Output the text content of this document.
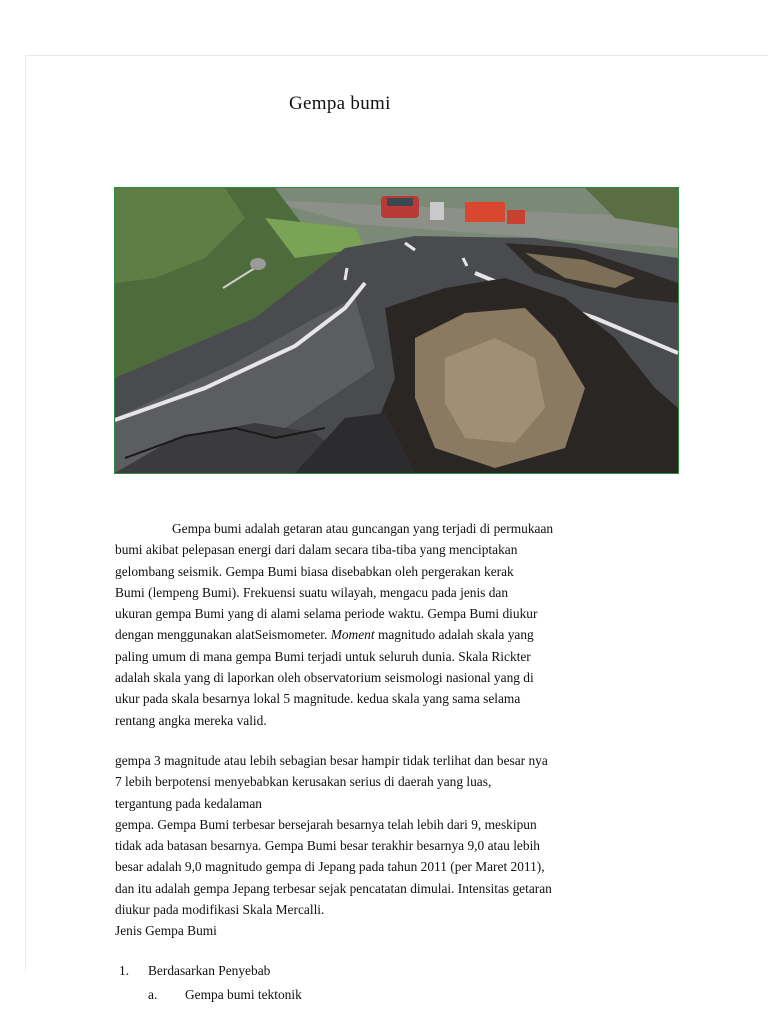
Gempa bumi
Gempa bumi adalah getaran atau guncangan yang terjadi di permukaan
bumi akibat pelepasan energi dari dalam secara tiba-tiba yang menciptakan
gelombang seismik. Gempa Bumi biasa disebabkan oleh pergerakan kerak
Bumi (lempeng Bumi). Frekuensi suatu wilayah, mengacu pada jenis dan
ukuran gempa Bumi yang di alami selama periode waktu. Gempa Bumi diukur
dengan menggunakan alatSeismometer. Moment magnitudo adalah skala yang
paling umum di mana gempa Bumi terjadi untuk seluruh dunia. Skala Rickter
adalah skala yang di laporkan oleh observatorium seismologi nasional yang di
ukur pada skala besarnya lokal 5 magnitude. kedua skala yang sama selama
rentang angka mereka valid.
gempa 3 magnitude atau lebih sebagian besar hampir tidak terlihat dan besar nya
7 lebih berpotensi menyebabkan kerusakan serius di daerah yang luas,
tergantung pada kedalaman
gempa. Gempa Bumi terbesar bersejarah besarnya telah lebih dari 9, meskipun
tidak ada batasan besarnya. Gempa Bumi besar terakhir besarnya 9,0 atau lebih
besar adalah 9,0 magnitudo gempa di Jepang pada tahun 2011 (per Maret 2011),
dan itu adalah gempa Jepang terbesar sejak pencatatan dimulai. Intensitas getaran
diukur pada modifikasi Skala Mercalli.
Jenis Gempa Bumi
1. Berdasarkan Penyebab
a. Gempa bumi tektonik
